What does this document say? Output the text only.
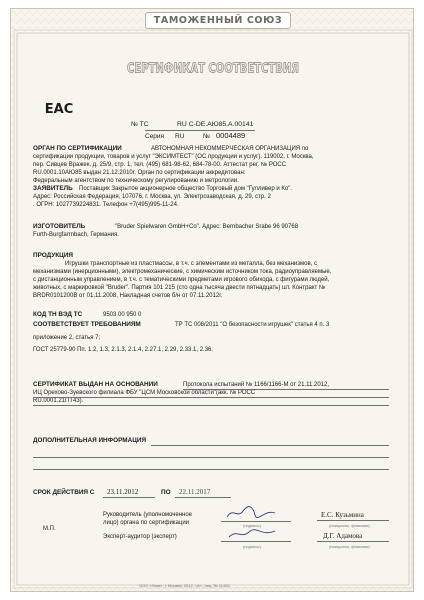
ТАМОЖЕННЫЙ СОЮЗ
СЕРТИФИКАТ СООТВЕТСТВИЯ
EAC
№ ТС	RU C-DE.АЮ85.А.00141
Серия RU	№ 0004489
ОРГАН ПО СЕРТИФИКАЦИИ	АВТОНОМНАЯ НЕКОММЕРЧЕСКАЯ ОРГАНИЗАЦИЯ по
сертификации продукции, товаров и услуг "ЭКСИМТЕСТ" (ОС продукции и услуг). 119002, г. Москва,
пер. Сивцев Вражек, д. 25/9, стр. 1, тел. (495) 681-98-62, 684-78-00. Аттестат рег. № РОСС
RU.0001.10АЮ85 выдан 21.12.2010г. Орган по сертификации аккредитован:
Федеральным агентством по техническому регулированию и метрологии.
ЗАЯВИТЕЛЬ Поставщик Закрытое акционерное общество Торговый дом "Гулливер и Ко".
Адрес: Российская Федерация, 107076, г. Москва, ул. Электрозаводская, д. 29, стр. 2
. ОГРН: 1027739224831. Телефон +7(495)995-11-24.
ИЗГОТОВИТЕЛЬ	"Bruder Spielwaren GmbH+Co". Адрес: Bernbacher Srabe 96 90768
Furth-Burgfarrnbach, Германия.
ПРОДУКЦИЯ
Игрушки транспортные из пластмассы, в т.ч. с элементами из металла, без механизмов, с
механизмами (инерционными), электромеханические, с химическим источником тока, радиоуправляемые,
с дистанционным управлением, в т.ч. с тематическими предметами игрового обихода, с фигурами людей,
животных, с маркировкой "Bruder". Партия 101 215 (сто одна тысяча двести пятнадцать) шт. Контракт №
BRDR0101200B от 01.11.2008, Накладная счетов б/н от 07.11.2012г.
КОД ТН ВЭД ТС	9503 00 950 0
СООТВЕТСТВУЕТ ТРЕБОВАНИЯМ	ТР ТС 008/2011 "О безопасности игрушек" статья 4 п. 3
приложение 2, статья 7;
ГОСТ 25779-90 Пп. 1.2, 1.3, 2.1.3, 2.1.4, 2.27.1, 2.29, 2.33.1, 2.36.
СЕРТИФИКАТ ВЫДАН НА ОСНОВАНИИ	Протокола испытаний № 1166/1166-М от 21.11.2012,
ИЦ Орехово-Зуевского филиала ФБУ "ЦСМ Московской области"(акк. № РОСС
RU.0001.21ПТ43).
ДОПОЛНИТЕЛЬНАЯ ИНФОРМАЦИЯ
СРОК ДЕЙСТВИЯ С 23.11.2012	ПО 22.11.2017
М.П.
Руководитель (уполномоченное
лицо) органа по сертификации
Е.С. Кузьмина
(подпись)	(инициалы, фамилия)
Эксперт-аудитор (эксперт)	Д.Г. Адамова
(подпись)	(инициалы, фамилия)
ООО «Знак», г. Москва, 2012, «А», лиц. № 11462.
